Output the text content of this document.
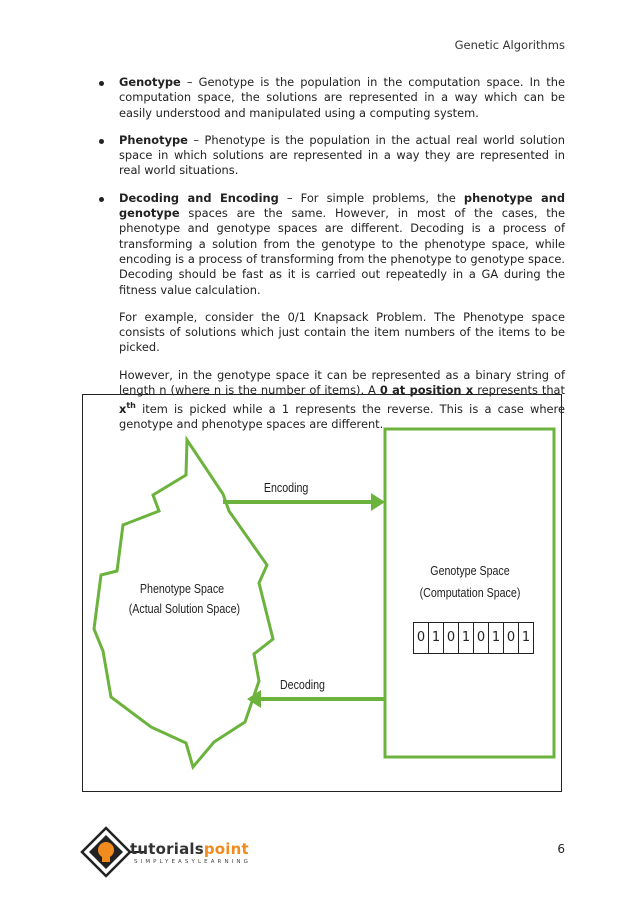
Genetic Algorithms
Genotype – Genotype is the population in the computation space. In the computation space, the solutions are represented in a way which can be easily understood and manipulated using a computing system.
Phenotype – Phenotype is the population in the actual real world solution space in which solutions are represented in a way they are represented in real world situations.
Decoding and Encoding – For simple problems, the phenotype and genotype spaces are the same. However, in most of the cases, the phenotype and genotype spaces are different. Decoding is a process of transforming a solution from the genotype to the phenotype space, while encoding is a process of transforming from the phenotype to genotype space. Decoding should be fast as it is carried out repeatedly in a GA during the fitness value calculation.
For example, consider the 0/1 Knapsack Problem. The Phenotype space consists of solutions which just contain the item numbers of the items to be picked.
However, in the genotype space it can be represented as a binary string of length n (where n is the number of items). A 0 at position x represents that $x^{th}$ item is picked while a 1 represents the reverse. This is a case where genotype and phenotype spaces are different.
Encoding
Decoding
Phenotype Space
(Actual Solution Space)
Genotype Space
(Computation Space)
0 1 0 1 0 1 0 1
tutorialspoint
SIMPLYEASYLEARNING
6
